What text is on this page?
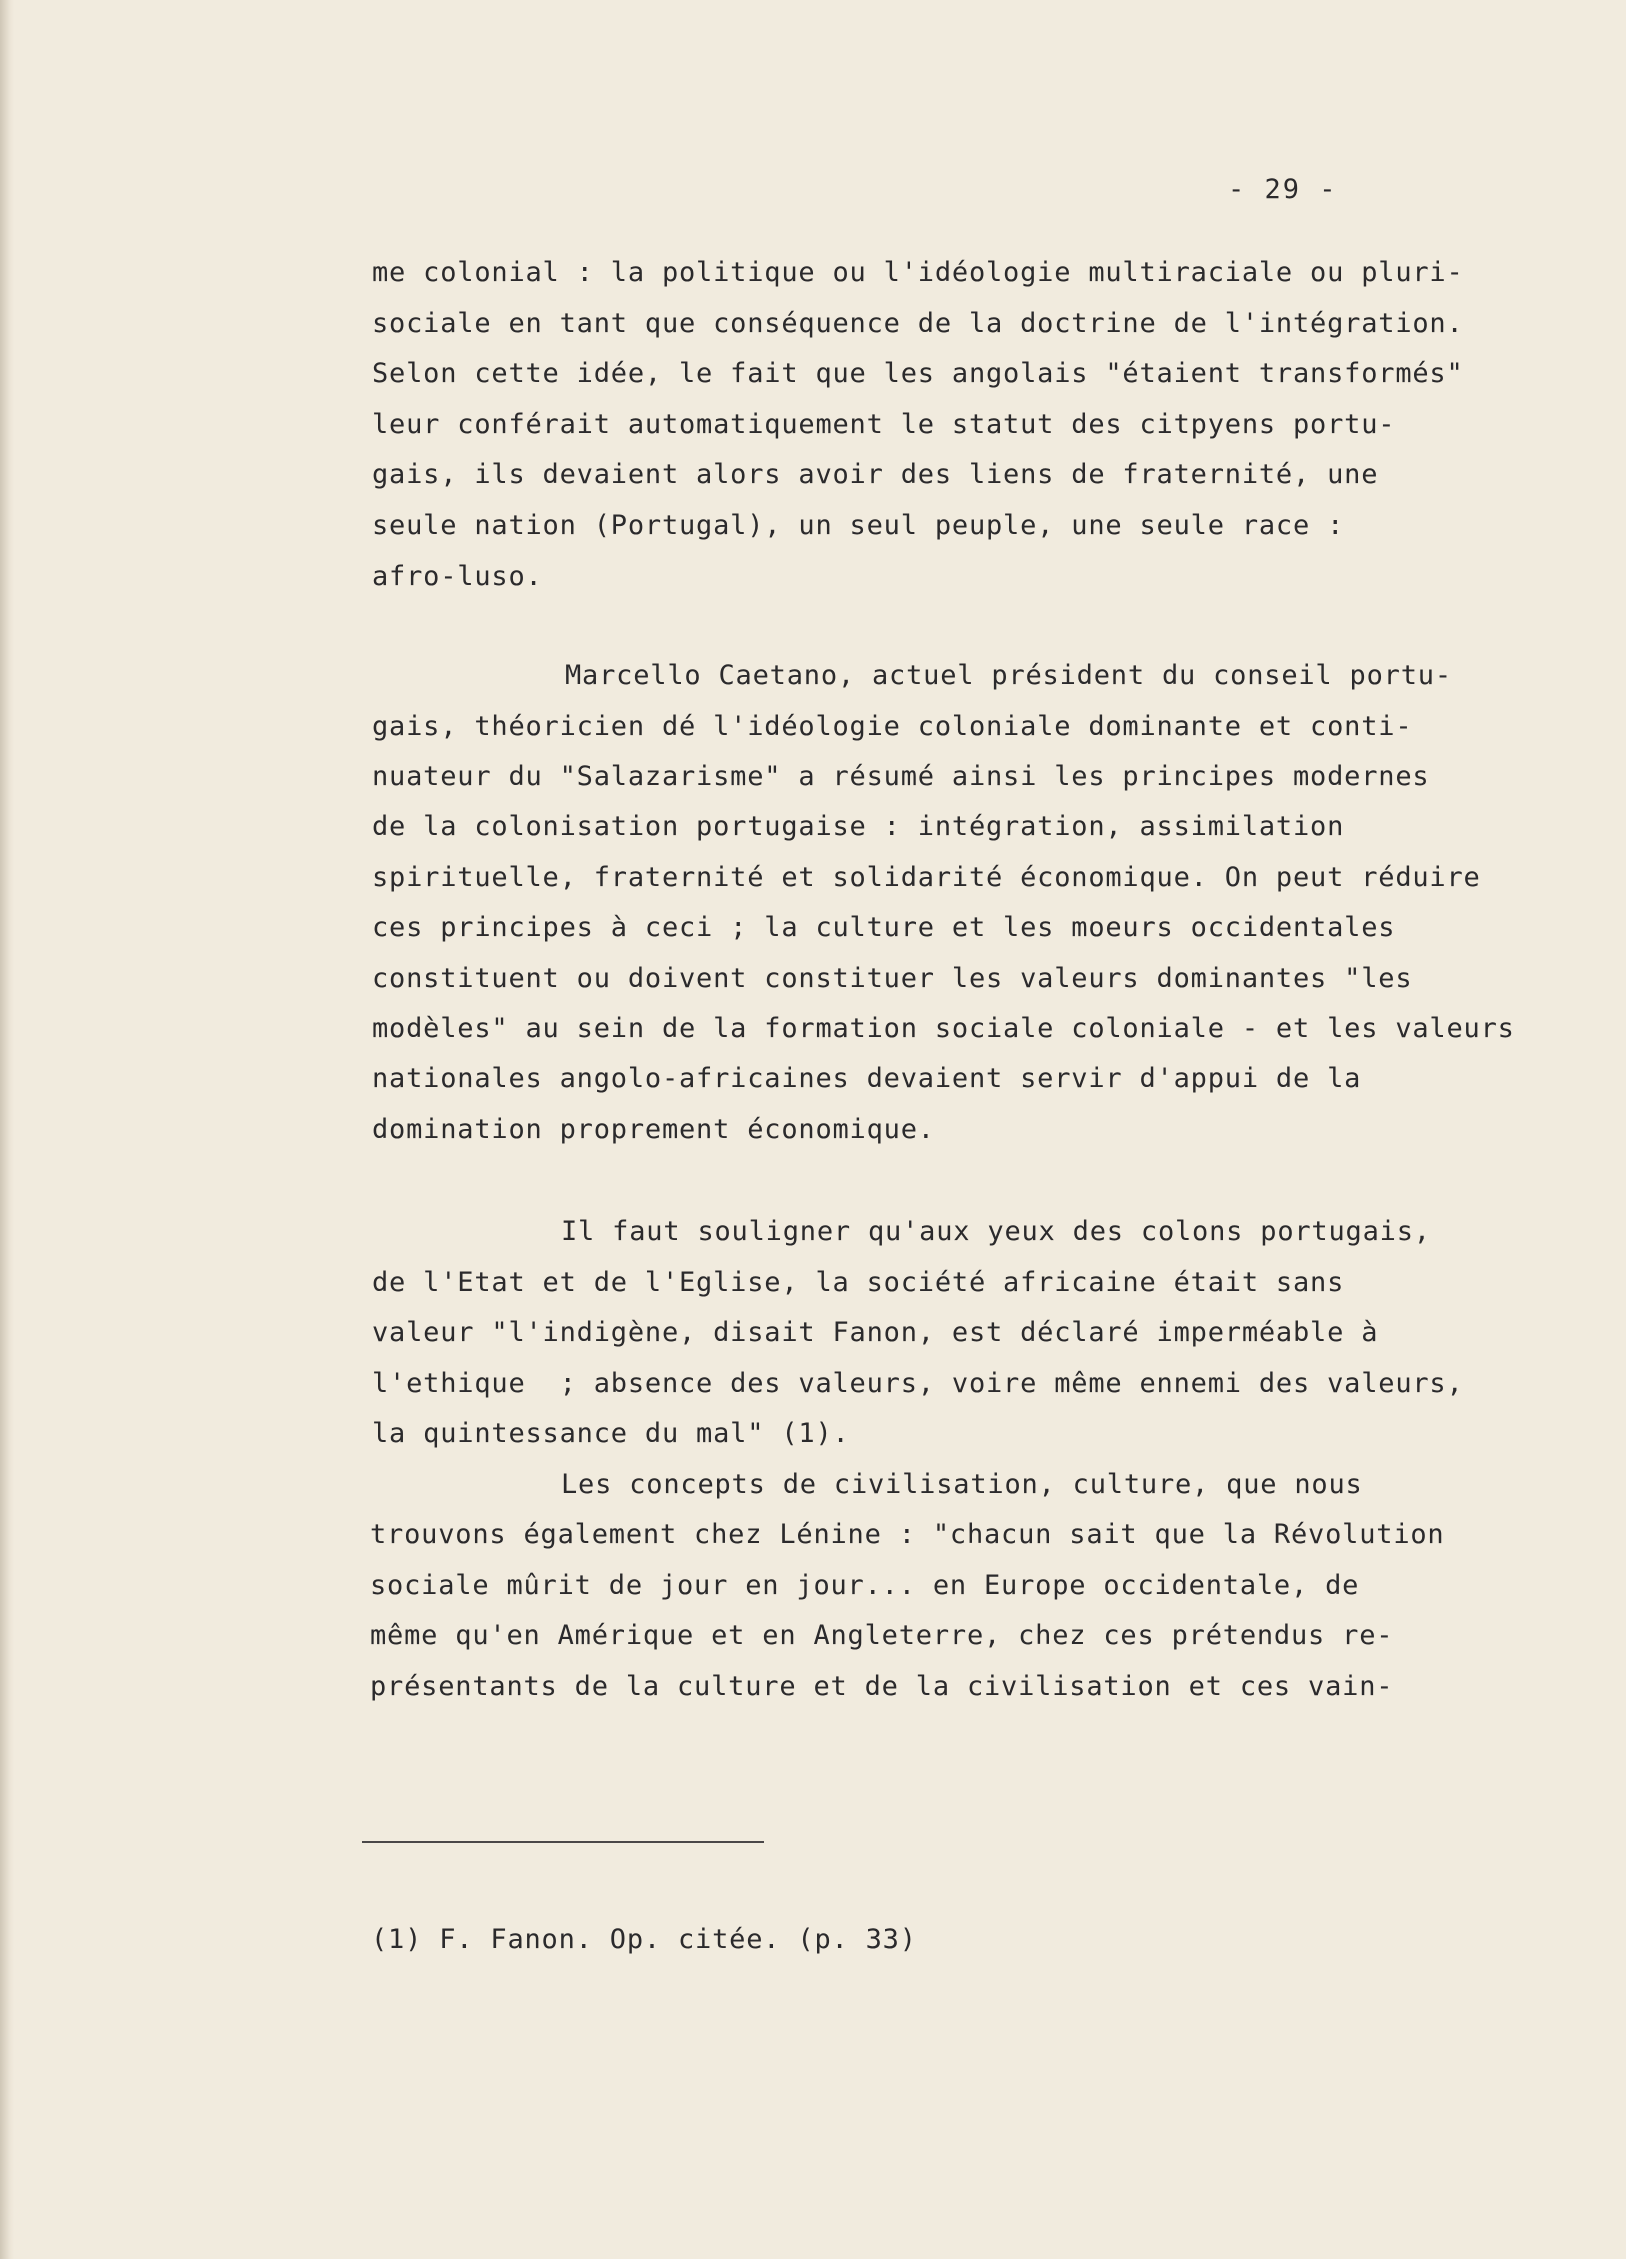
- 29 -
me colonial : la politique ou l'idéologie multiraciale ou pluri-
sociale en tant que conséquence de la doctrine de l'intégration.
Selon cette idée, le fait que les angolais "étaient transformés"
leur conférait automatiquement le statut des citpyens portu-
gais, ils devaient alors avoir des liens de fraternité, une
seule nation (Portugal), un seul peuple, une seule race :
afro-luso.
Marcello Caetano, actuel président du conseil portu-
gais, théoricien dé l'idéologie coloniale dominante et conti-
nuateur du "Salazarisme" a résumé ainsi les principes modernes
de la colonisation portugaise : intégration, assimilation
spirituelle, fraternité et solidarité économique. On peut réduire
ces principes à ceci ; la culture et les moeurs occidentales
constituent ou doivent constituer les valeurs dominantes "les
modèles" au sein de la formation sociale coloniale - et les valeurs
nationales angolo-africaines devaient servir d'appui de la
domination proprement économique.
Il faut souligner qu'aux yeux des colons portugais,
de l'Etat et de l'Eglise, la société africaine était sans
valeur "l'indigène, disait Fanon, est déclaré imperméable à
l'ethique  ; absence des valeurs, voire même ennemi des valeurs,
la quintessance du mal" (1).
Les concepts de civilisation, culture, que nous
trouvons également chez Lénine : "chacun sait que la Révolution
sociale mûrit de jour en jour... en Europe occidentale, de
même qu'en Amérique et en Angleterre, chez ces prétendus re-
présentants de la culture et de la civilisation et ces vain-
(1) F. Fanon. Op. citée. (p. 33)
